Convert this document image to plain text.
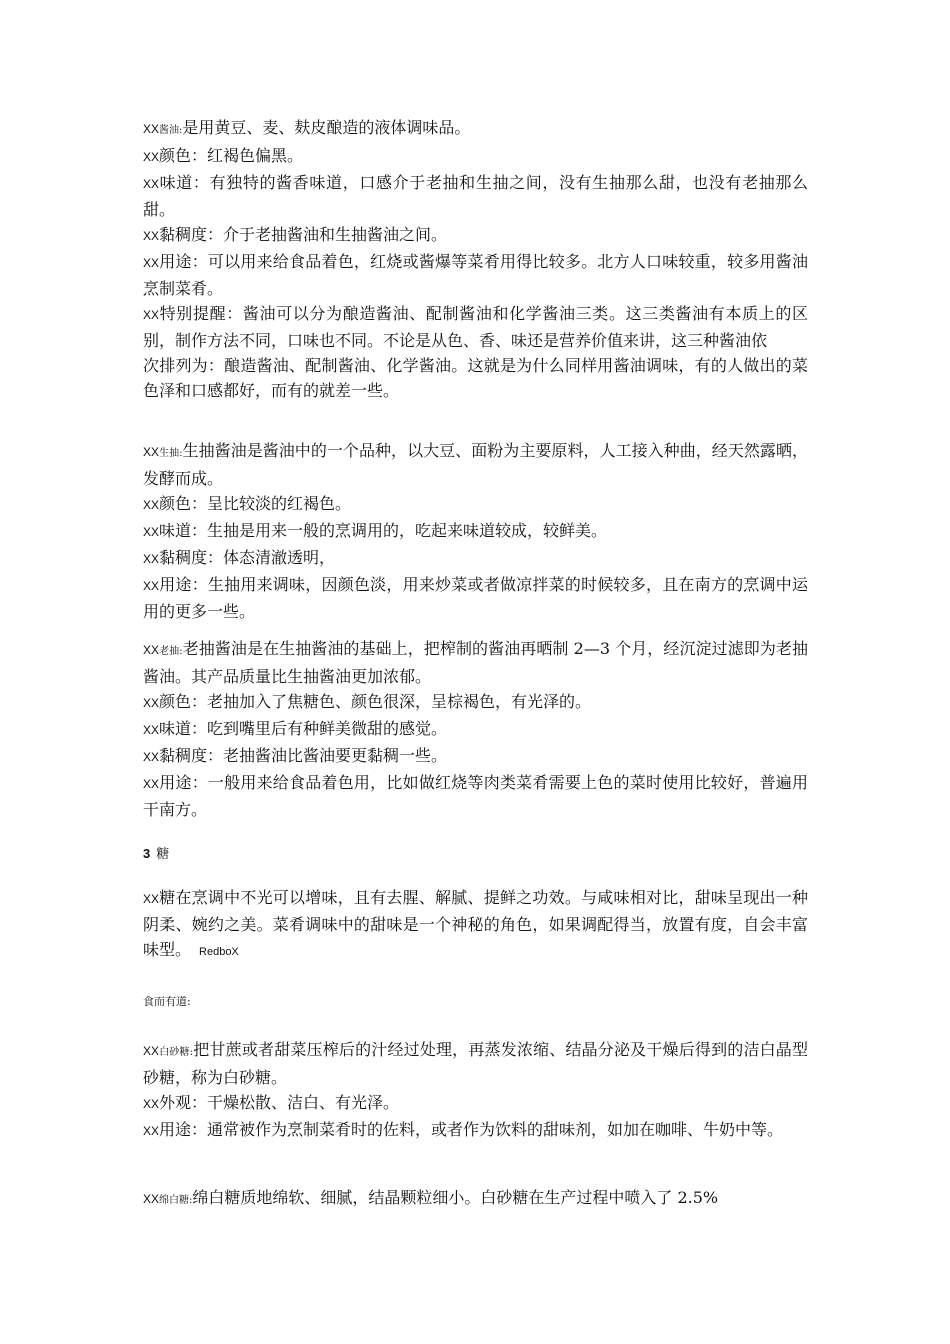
XX酱油:是用黄豆、麦、麸皮酿造的液体调味品。

XX颜色：红褐色偏黑。

XX味道：有独特的酱香味道，口感介于老抽和生抽之间，没有生抽那么甜，也没有老抽那么甜。

XX黏稠度：介于老抽酱油和生抽酱油之间。

XX用途：可以用来给食品着色，红烧或酱爆等菜肴用得比较多。北方人口味较重，较多用酱油烹制菜肴。

XX特别提醒：酱油可以分为酿造酱油、配制酱油和化学酱油三类。这三类酱油有本质上的区别，制作方法不同，口味也不同。不论是从色、香、味还是营养价值来讲，这三种酱油依

次排列为：酿造酱油、配制酱油、化学酱油。这就是为什么同样用酱油调味，有的人做出的菜色泽和口感都好，而有的就差一些。

XX生抽:生抽酱油是酱油中的一个品种，以大豆、面粉为主要原料，人工接入种曲，经天然露晒，发酵而成。

XX颜色：呈比较淡的红褐色。

XX味道：生抽是用来一般的烹调用的，吃起来味道较成，较鲜美。

XX黏稠度：体态清澈透明，

XX用途：生抽用来调味，因颜色淡，用来炒菜或者做凉拌菜的时候较多，且在南方的烹调中运用的更多一些。

XX老抽:老抽酱油是在生抽酱油的基础上，把榨制的酱油再晒制 2—3 个月，经沉淀过滤即为老抽酱油。其产品质量比生抽酱油更加浓郁。

XX颜色：老抽加入了焦糖色、颜色很深，呈棕褐色，有光泽的。

XX味道：吃到嘴里后有种鲜美微甜的感觉。

XX黏稠度：老抽酱油比酱油要更黏稠一些。

XX用途：一般用来给食品着色用，比如做红烧等肉类菜肴需要上色的菜时使用比较好，普遍用干南方。

3 糖

XX糖在烹调中不光可以增味，且有去腥、解腻、提鲜之功效。与咸味相对比，甜味呈现出一种阴柔、婉约之美。菜肴调味中的甜味是一个神秘的角色，如果调配得当，放置有度，自会丰富味型。 RedboX

食而有道:

XX白砂糖:把甘蔗或者甜菜压榨后的汁经过处理，再蒸发浓缩、结晶分泌及干燥后得到的洁白晶型砂糖，称为白砂糖。

XX外观：干燥松散、洁白、有光泽。

XX用途：通常被作为烹制菜肴时的佐料，或者作为饮料的甜味剂，如加在咖啡、牛奶中等。

XX绵白糖:绵白糖质地绵软、细腻，结晶颗粒细小。白砂糖在生产过程中喷入了 2.5%
